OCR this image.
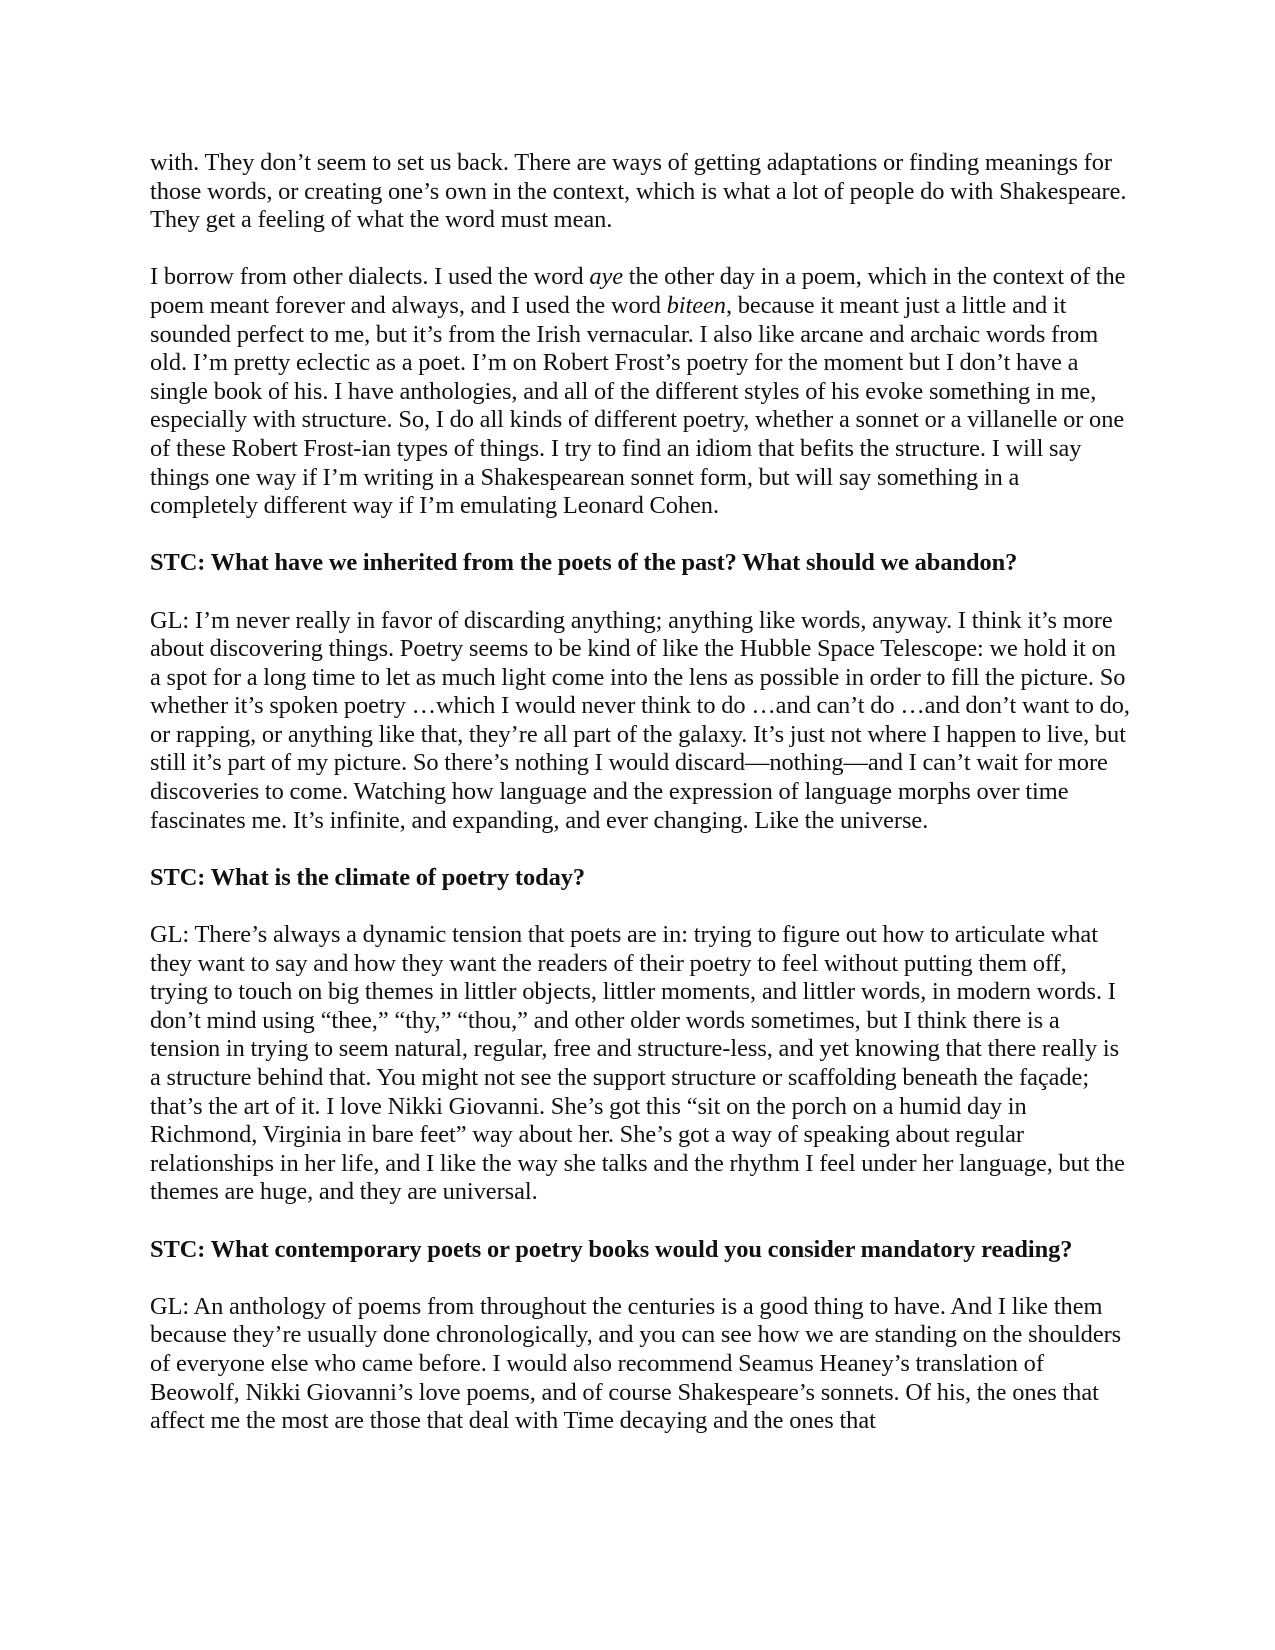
with. They don’t seem to set us back. There are ways of getting adaptations or finding meanings for those words, or creating one’s own in the context, which is what a lot of people do with Shakespeare. They get a feeling of what the word must mean.

I borrow from other dialects. I used the word aye the other day in a poem, which in the context of the poem meant forever and always, and I used the word biteen, because it meant just a little and it sounded perfect to me, but it’s from the Irish vernacular. I also like arcane and archaic words from old. I’m pretty eclectic as a poet. I’m on Robert Frost’s poetry for the moment but I don’t have a single book of his. I have anthologies, and all of the different styles of his evoke something in me, especially with structure. So, I do all kinds of different poetry, whether a sonnet or a villanelle or one of these Robert Frost-ian types of things. I try to find an idiom that befits the structure. I will say things one way if I’m writing in a Shakespearean sonnet form, but will say something in a completely different way if I’m emulating Leonard Cohen.

STC: What have we inherited from the poets of the past? What should we abandon?

GL: I’m never really in favor of discarding anything; anything like words, anyway. I think it’s more about discovering things. Poetry seems to be kind of like the Hubble Space Telescope: we hold it on a spot for a long time to let as much light come into the lens as possible in order to fill the picture. So whether it’s spoken poetry …which I would never think to do …and can’t do …and don’t want to do, or rapping, or anything like that, they’re all part of the galaxy. It’s just not where I happen to live, but still it’s part of my picture. So there’s nothing I would discard—nothing—and I can’t wait for more discoveries to come. Watching how language and the expression of language morphs over time fascinates me. It’s infinite, and expanding, and ever changing. Like the universe.

STC: What is the climate of poetry today?

GL: There’s always a dynamic tension that poets are in: trying to figure out how to articulate what they want to say and how they want the readers of their poetry to feel without putting them off, trying to touch on big themes in littler objects, littler moments, and littler words, in modern words. I don’t mind using “thee,” “thy,” “thou,” and other older words sometimes, but I think there is a tension in trying to seem natural, regular, free and structure-less, and yet knowing that there really is a structure behind that. You might not see the support structure or scaffolding beneath the façade; that’s the art of it. I love Nikki Giovanni. She’s got this “sit on the porch on a humid day in Richmond, Virginia in bare feet” way about her. She’s got a way of speaking about regular relationships in her life, and I like the way she talks and the rhythm I feel under her language, but the themes are huge, and they are universal.

STC: What contemporary poets or poetry books would you consider mandatory reading?

GL: An anthology of poems from throughout the centuries is a good thing to have. And I like them because they’re usually done chronologically, and you can see how we are standing on the shoulders of everyone else who came before. I would also recommend Seamus Heaney’s translation of Beowolf, Nikki Giovanni’s love poems, and of course Shakespeare’s sonnets. Of his, the ones that affect me the most are those that deal with Time decaying and the ones that
